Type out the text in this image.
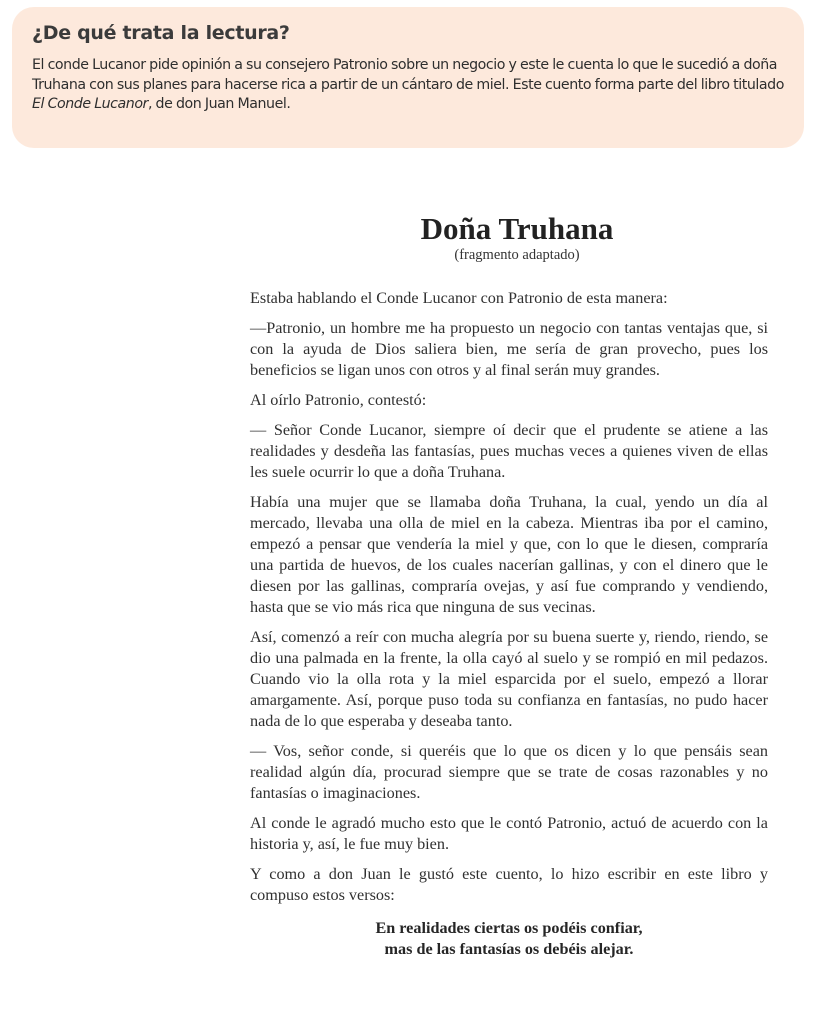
¿De qué trata la lectura?

El conde Lucanor pide opinión a su consejero Patronio sobre un negocio y este le cuenta lo que le sucedió a doña Truhana con sus planes para hacerse rica a partir de un cántaro de miel. Este cuento forma parte del libro titulado El Conde Lucanor, de don Juan Manuel.

Doña Truhana
(fragmento adaptado)

Estaba hablando el Conde Lucanor con Patronio de esta manera:

—Patronio, un hombre me ha propuesto un negocio con tantas ventajas que, si con la ayuda de Dios saliera bien, me sería de gran provecho, pues los beneficios se ligan unos con otros y al final serán muy grandes.

Al oírlo Patronio, contestó:

— Señor Conde Lucanor, siempre oí decir que el prudente se atiene a las realidades y desdeña las fantasías, pues muchas veces a quienes viven de ellas les suele ocurrir lo que a doña Truhana.

Había una mujer que se llamaba doña Truhana, la cual, yendo un día al mercado, llevaba una olla de miel en la cabeza. Mientras iba por el camino, empezó a pensar que vendería la miel y que, con lo que le diesen, compraría una partida de huevos, de los cuales nacerían gallinas, y con el dinero que le diesen por las gallinas, compraría ovejas, y así fue comprando y vendiendo, hasta que se vio más rica que ninguna de sus vecinas.

Así, comenzó a reír con mucha alegría por su buena suerte y, riendo, riendo, se dio una palmada en la frente, la olla cayó al suelo y se rompió en mil pedazos. Cuando vio la olla rota y la miel esparcida por el suelo, empezó a llorar amargamente. Así, porque puso toda su confianza en fantasías, no pudo hacer nada de lo que esperaba y deseaba tanto.

— Vos, señor conde, si queréis que lo que os dicen y lo que pensáis sean realidad algún día, procurad siempre que se trate de cosas razonables y no fantasías o imaginaciones.

Al conde le agradó mucho esto que le contó Patronio, actuó de acuerdo con la historia y, así, le fue muy bien.

Y como a don Juan le gustó este cuento, lo hizo escribir en este libro y compuso estos versos:

En realidades ciertas os podéis confiar,
mas de las fantasías os debéis alejar.
